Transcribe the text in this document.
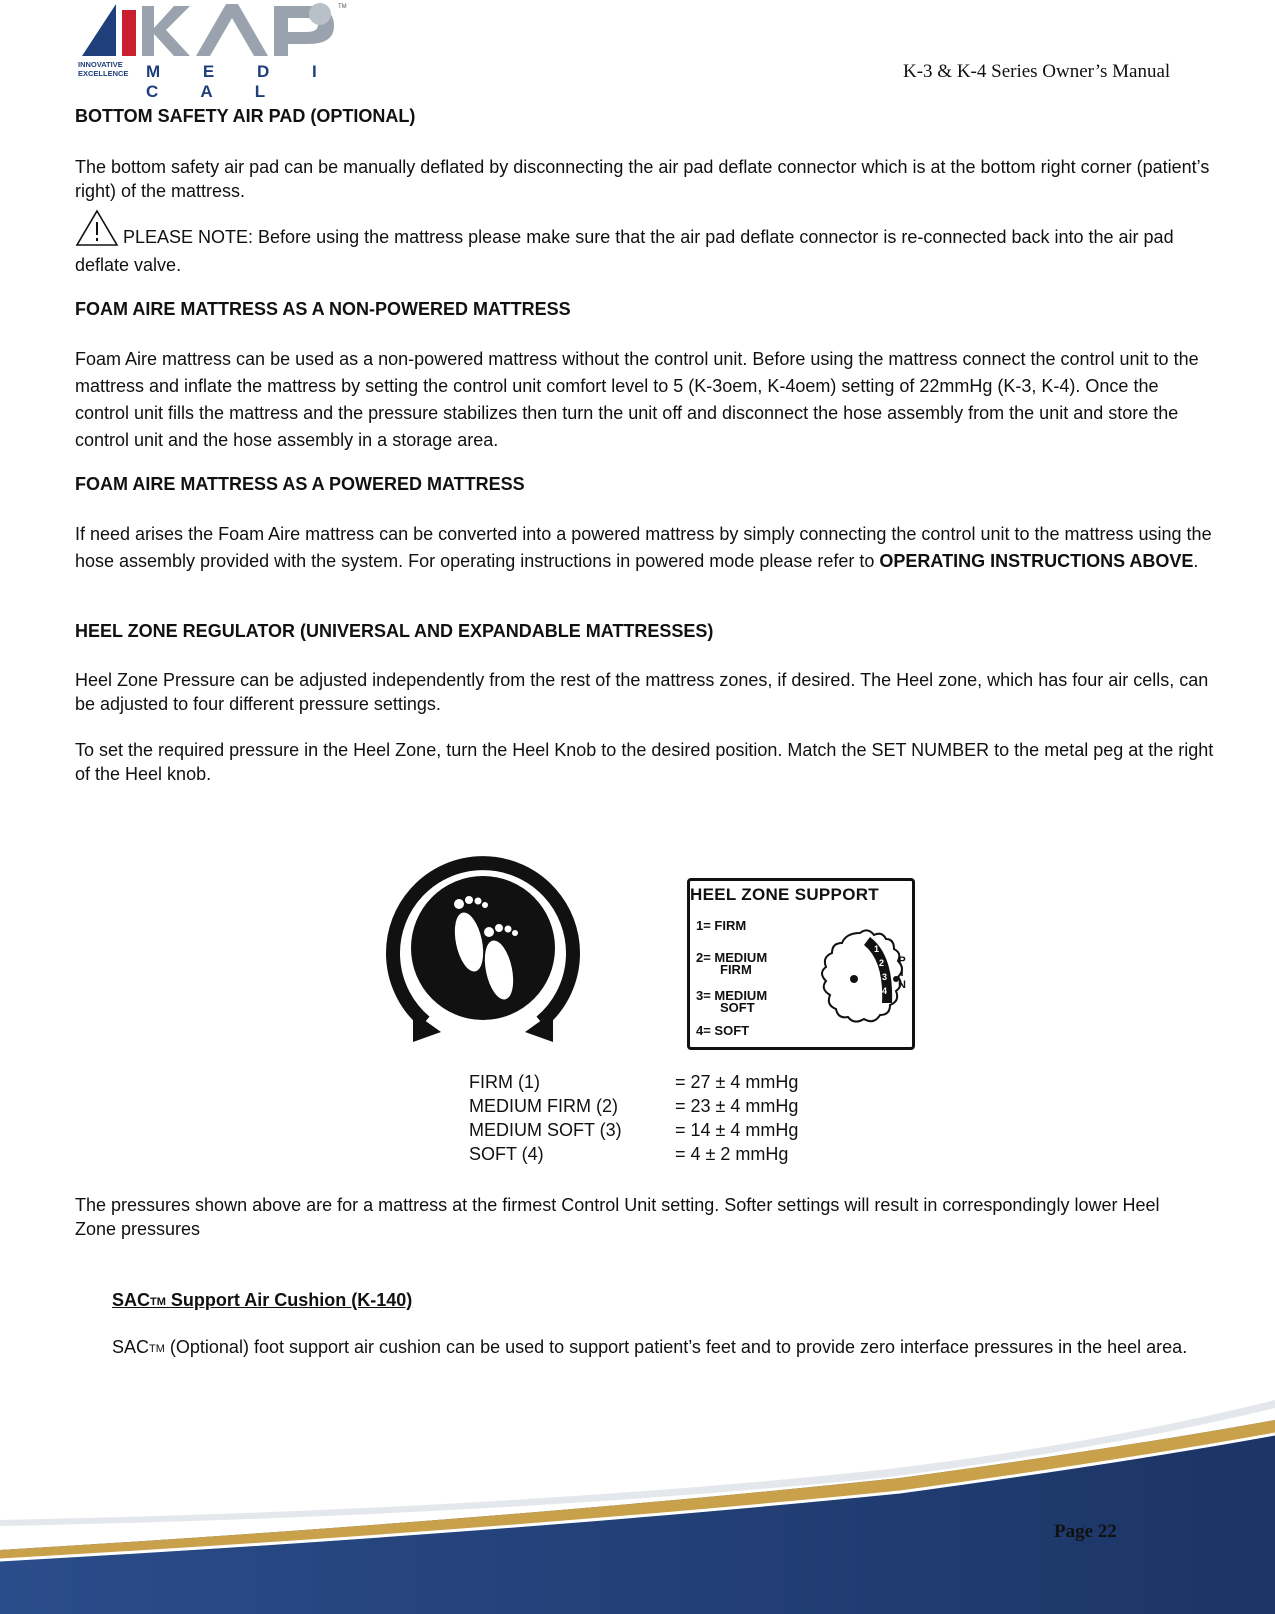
TM
INNOVATIVE
EXCELLENCE	M E D I C A L
K-3 & K-4 Series Owner’s Manual

BOTTOM SAFETY AIR PAD (OPTIONAL)

The bottom safety air pad can be manually deflated by disconnecting the air pad deflate connector which is at the bottom right corner (patient’s right) of the mattress.

PLEASE NOTE: Before using the mattress please make sure that the air pad deflate connector is re-connected back into the air pad deflate valve.

FOAM AIRE MATTRESS AS A NON-POWERED MATTRESS

Foam Aire mattress can be used as a non-powered mattress without the control unit. Before using the mattress connect the control unit to the mattress and inflate the mattress by setting the control unit comfort level to 5 (K-3oem, K-4oem) setting of 22mmHg (K-3, K-4). Once the control unit fills the mattress and the pressure stabilizes then turn the unit off and disconnect the hose assembly from the unit and store the control unit and the hose assembly in a storage area.

FOAM AIRE MATTRESS AS A POWERED MATTRESS

If need arises the Foam Aire mattress can be converted into a powered mattress by simply connecting the control unit to the mattress using the hose assembly provided with the system. For operating instructions in powered mode please refer to OPERATING INSTRUCTIONS ABOVE.

HEEL ZONE REGULATOR (UNIVERSAL AND EXPANDABLE MATTRESSES)

Heel Zone Pressure can be adjusted independently from the rest of the mattress zones, if desired. The Heel zone, which has four air cells, can be adjusted to four different pressure settings.

To set the required pressure in the Heel Zone, turn the Heel Knob to the desired position. Match the SET NUMBER to the metal peg at the right of the Heel knob.

HEEL ZONE SUPPORT
1= FIRM
2= MEDIUM
FIRM
3= MEDIUM
SOFT
4= SOFT
1
2
3
4
P
I
N
FIRM (1)	= 27 ± 4 mmHg
MEDIUM FIRM (2)	= 23 ± 4 mmHg
MEDIUM SOFT (3)	= 14 ± 4 mmHg
SOFT (4)	= 4 ± 2 mmHg

The pressures shown above are for a mattress at the firmest Control Unit setting. Softer settings will result in correspondingly lower Heel Zone pressures

SACTM Support Air Cushion (K-140)

SACTM (Optional) foot support air cushion can be used to support patient’s feet and to provide zero interface pressures in the heel area.

Page 22
